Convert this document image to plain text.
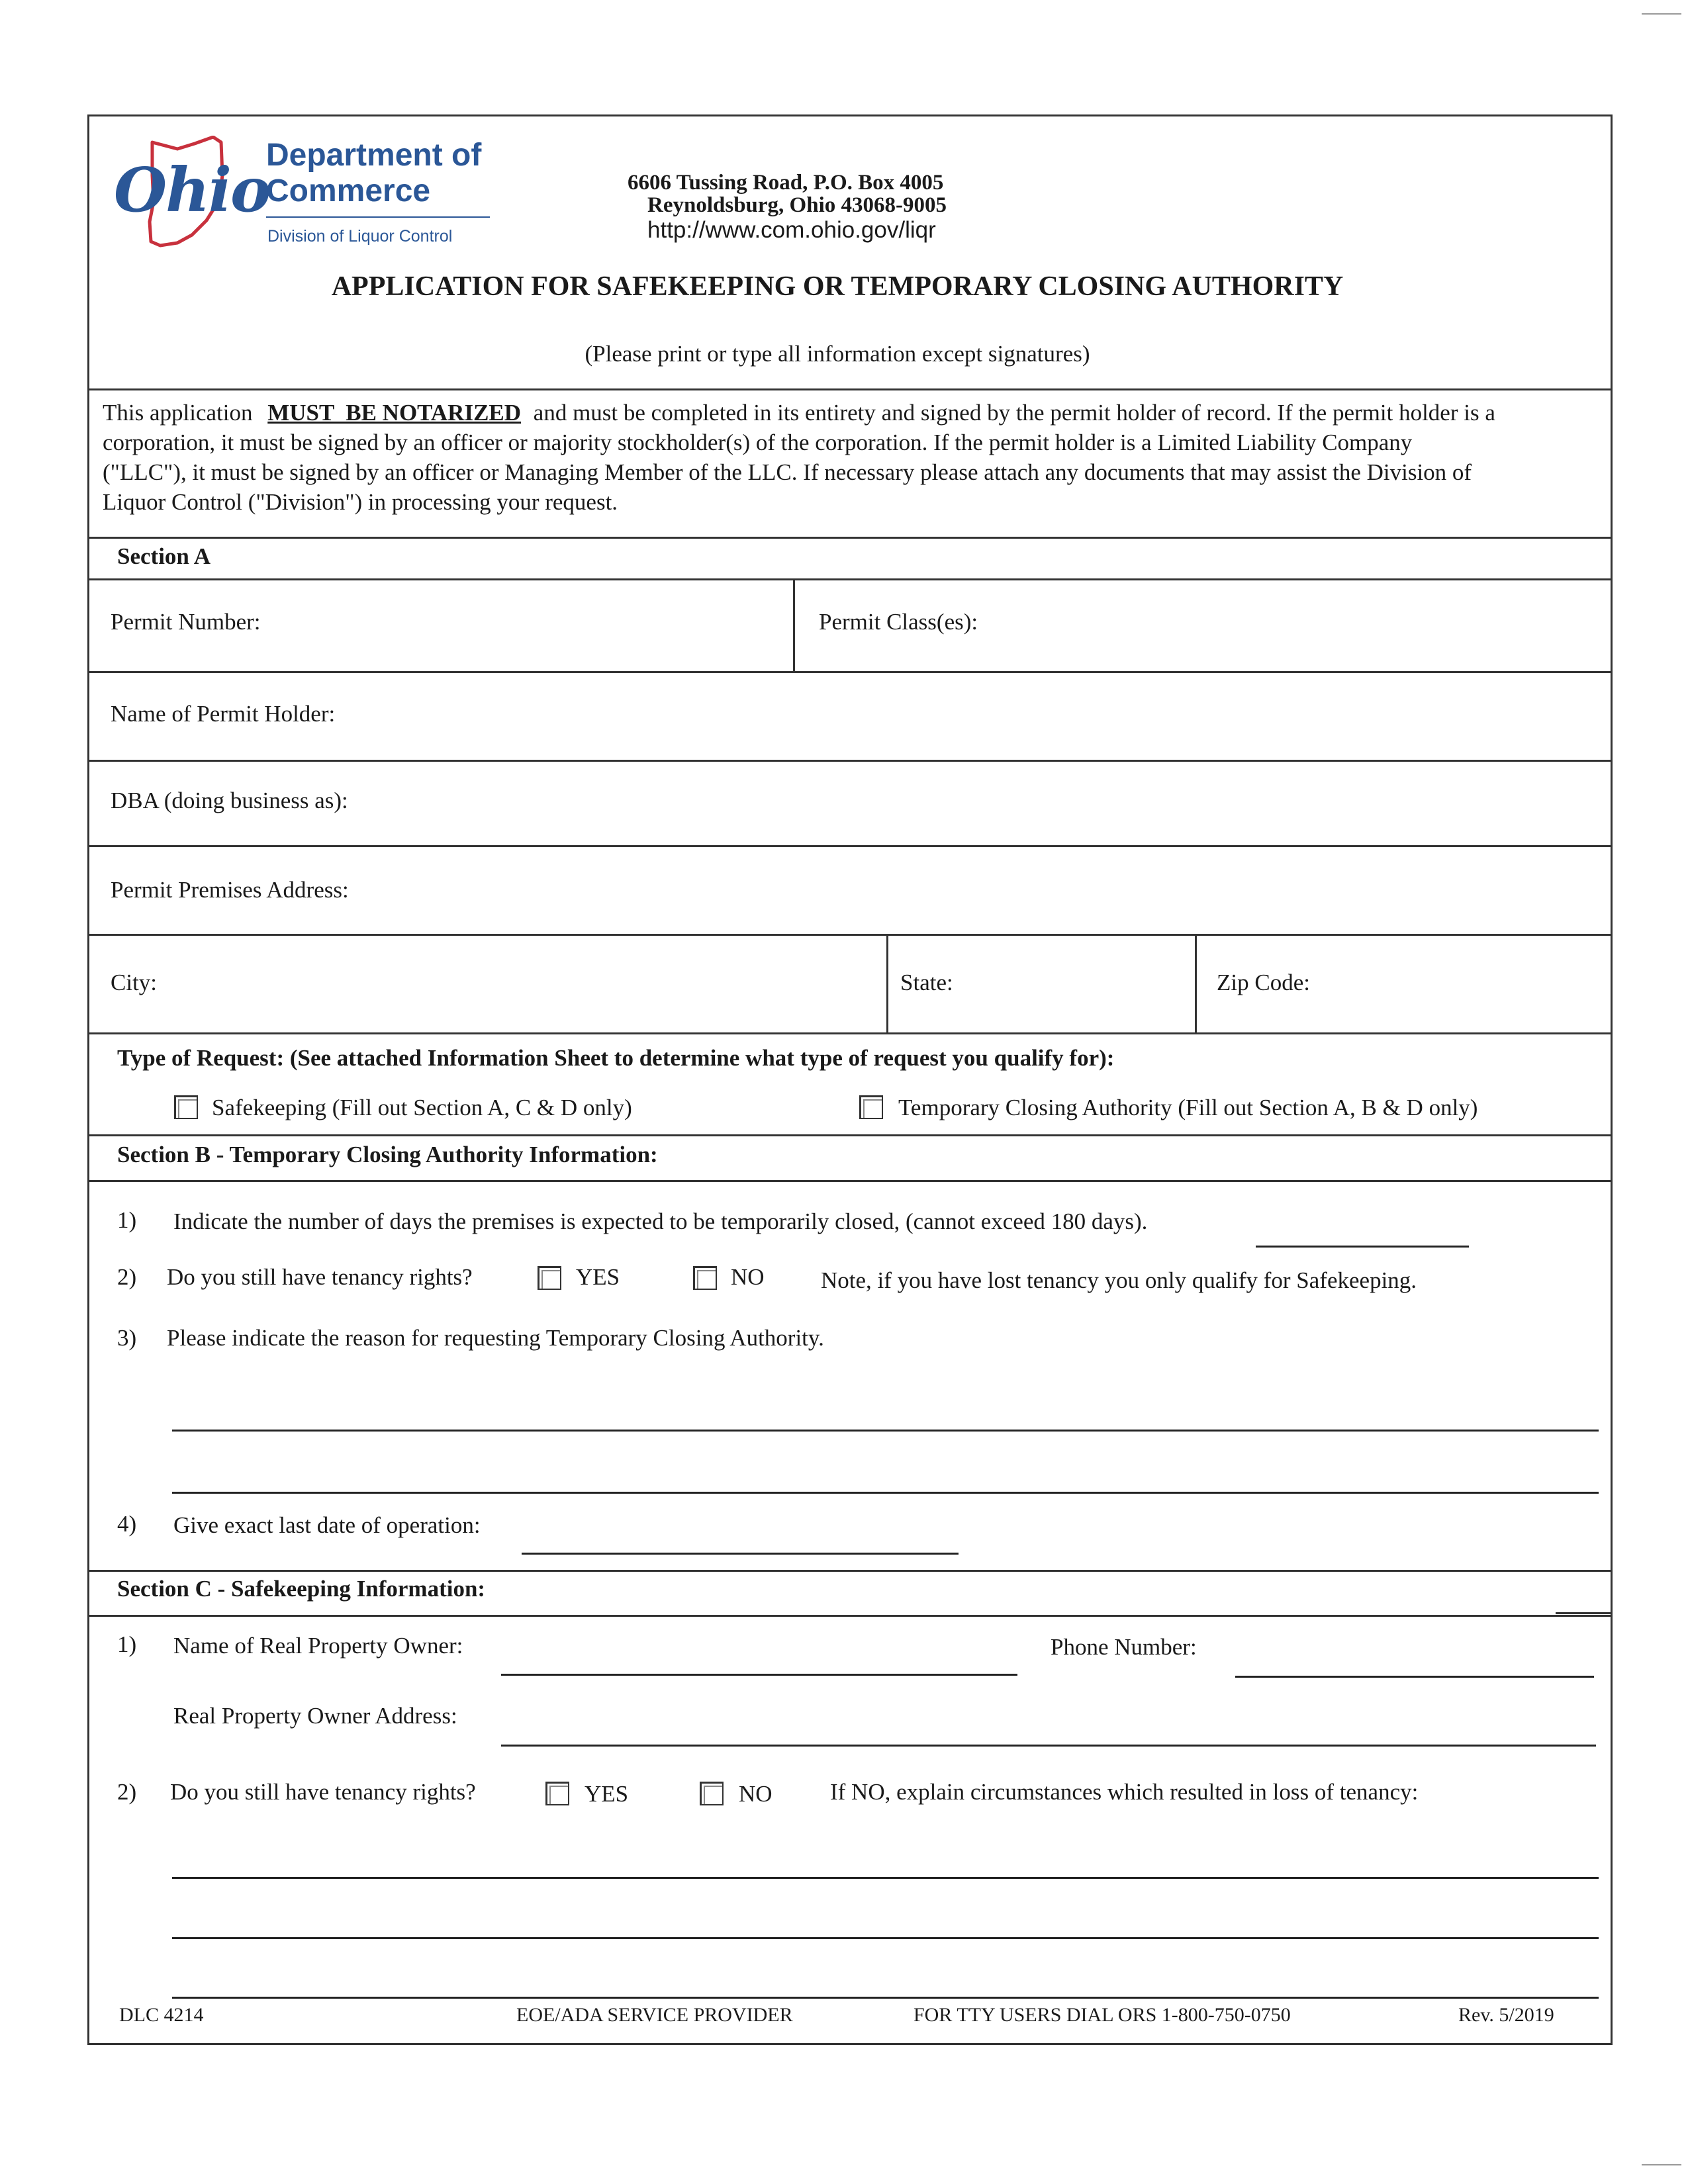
Ohio
Department of
Commerce
Division of Liquor Control
6606 Tussing Road, P.O. Box 4005
Reynoldsburg, Ohio 43068-9005
http://www.com.ohio.gov/liqr
APPLICATION FOR SAFEKEEPING OR TEMPORARY CLOSING AUTHORITY
(Please print or type all information except signatures)
This application MUST  BE NOTARIZED and must be completed in its entirety and signed by the permit holder of record. If the permit holder is a
corporation, it must be signed by an officer or majority stockholder(s) of the corporation. If the permit holder is a Limited Liability Company
("LLC"), it must be signed by an officer or Managing Member of the LLC. If necessary please attach any documents that may assist the Division of
Liquor Control ("Division") in processing your request.
Section A
Permit Number:	Permit Class(es):
Name of Permit Holder:
DBA (doing business as):
Permit Premises Address:
City:	State:	Zip Code:
Type of Request: (See attached Information Sheet to determine what type of request you qualify for):
Safekeeping (Fill out Section A, C & D only)	Temporary Closing Authority (Fill out Section A, B & D only)
Section B - Temporary Closing Authority Information:
1) Indicate the number of days the premises is expected to be temporarily closed, (cannot exceed 180 days).
2) Do you still have tenancy rights?	YES	NO Note, if you have lost tenancy you only qualify for Safekeeping.
3) Please indicate the reason for requesting Temporary Closing Authority.
4) Give exact last date of operation:
Section C - Safekeeping Information:
1) Name of Real Property Owner:	Phone Number:
Real Property Owner Address:
2) Do you still have tenancy rights?	YES	NO If NO, explain circumstances which resulted in loss of tenancy:
DLC 4214	EOE/ADA SERVICE PROVIDER	FOR TTY USERS DIAL ORS 1-800-750-0750	Rev. 5/2019
